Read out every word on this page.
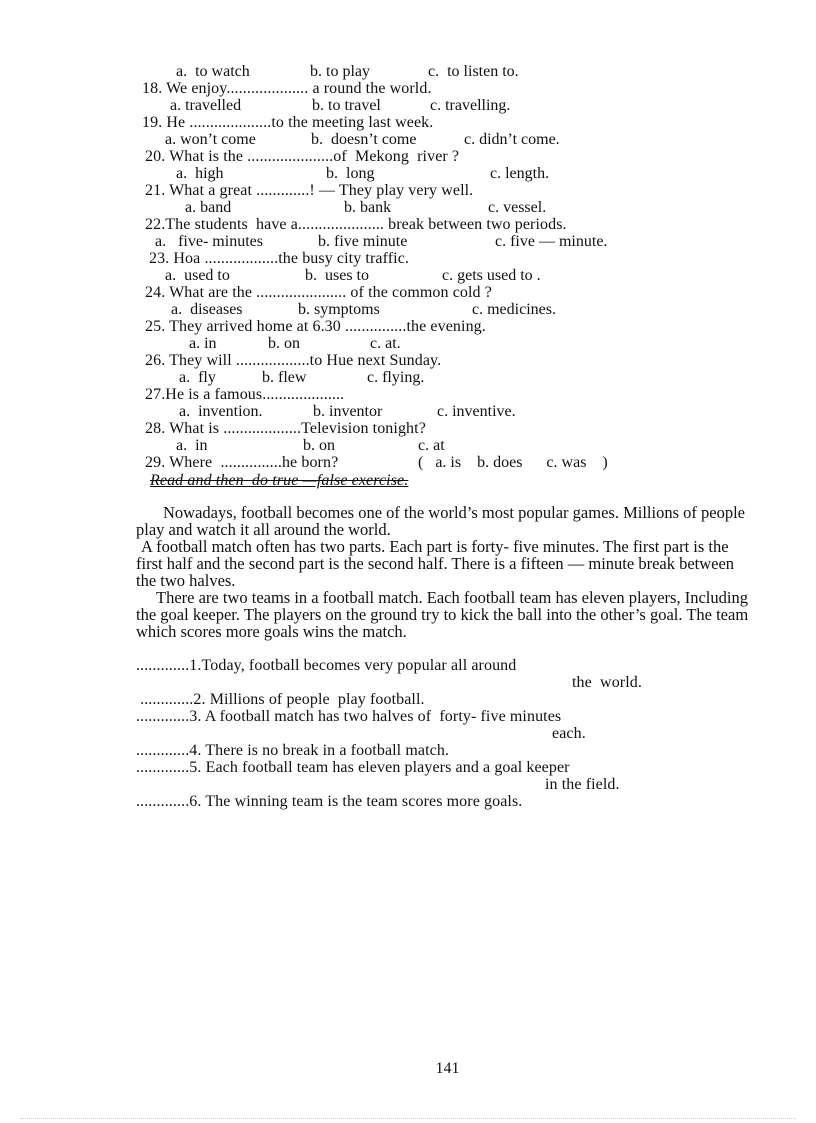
a.  to watch	b. to play	c.  to listen to.
18. We enjoy.................... a round the world.
a. travelled	b. to travel	c. travelling.
19. He ....................to the meeting last week.
a. won’t come	b.  doesn’t come	c. didn’t come.
20. What is the .....................of  Mekong  river ?
a.  high	b.  long	c. length.
21. What a great .............! — They play very well.
a. band	b. bank	c. vessel.
22.The students  have a..................... break between two periods.
a.   five- minutes	b. five minute	c. five — minute.
23. Hoa ..................the busy city traffic.
a.  used to	b.  uses to	c. gets used to .
24. What are the ...................... of the common cold ?
a.  diseases	b. symptoms	c. medicines.
25. They arrived home at 6.30 ...............the evening.
a. in	b. on	c. at.
26. They will ..................to Hue next Sunday.
a.  fly	b. flew	c. flying.
27.He is a famous....................
a.  invention.	b. inventor	c. inventive.
28. What is ...................Television tonight?
a.  in	b. on	c. at
29. Where  ...............he born?	(   a. is    b. does      c. was    )
Read and then  do true —false exercise.
Nowadays, football becomes one of the world’s most popular games. Millions of people play and watch it all around the world.
A football match often has two parts. Each part is forty- five minutes. The first part is the first half and the second part is the second half. There is a fifteen — minute break between the two halves.
There are two teams in a football match. Each football team has eleven players, Including the goal keeper. The players on the ground try to kick the ball into the other’s goal. The team which scores more goals wins the match.
.............1.Today, football becomes very popular all around
the  world.
.............2. Millions of people  play football.
.............3. A football match has two halves of  forty- five minutes
each.
.............4. There is no break in a football match.
.............5. Each football team has eleven players and a goal keeper
in the field.
.............6. The winning team is the team scores more goals.
141
